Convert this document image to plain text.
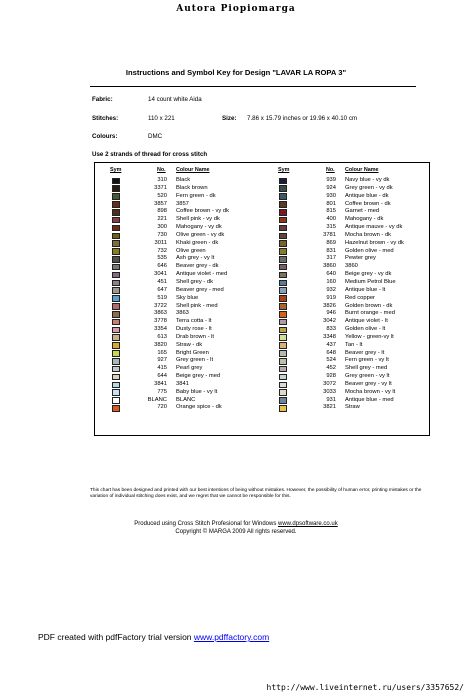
Autora Piopiomarga
Instructions and Symbol Key for Design "LAVAR LA ROPA 3"
Fabric:	14 count white Aida
Stitches:	110 x 221	Size: 7.86 x 15.79 inches or 19.96 x 40.10 cm
Colours:	DMC
Use 2 strands of thread for cross stitch
Sym	No. Colour Name
310 Black
3371 Black brown
520 Fern green - dk
3857 3857
898 Coffee brown - vy dk
221 Shell pink - vy dk
300 Mahogany - vy dk
730 Olive green - vy dk
3011 Khaki green - dk
732 Olive green
535 Ash grey - vy lt
646 Beaver grey - dk
3041 Antique violet - med
451 Shell grey - dk
647 Beaver grey - med
519 Sky blue
3722 Shell pink - med
3863 3863
3778 Terra cotta - lt
3354 Dusty rose - lt
613 Drab brown - lt
3820 Straw - dk
165 Bright Green
927 Grey green - lt
415 Pearl grey
644 Beige grey - med
3841 3841
775 Baby blue - vy lt
BLANC BLANC
720 Orange spice - dk
Sym	No. Colour Name
939 Navy blue - vy dk
924 Grey green - vy dk
930 Antique blue - dk
801 Coffee brown - dk
815 Garnet - med
400 Mahogany - dk
315 Antique mauve - vy dk
3781 Mocha brown - dk
869 Hazelnut brown - vy dk
831 Golden olive - med
317 Pewter grey
3860 3860
640 Beige grey - vy dk
160 Medium Petrol Blue
932 Antique blue - lt
919 Red copper
3826 Golden brown - dk
946 Burnt orange - med
3042 Antique violet - lt
833 Golden olive - lt
3348 Yellow - green-vy lt
437 Tan - lt
648 Beaver grey - lt
524 Fern green - vy lt
452 Shell grey - med
928 Grey green - vy lt
3072 Beaver grey - vy lt
3033 Mocha brown - vy lt
931 Antique blue - med
3821 Straw
This chart has been designed and printed with our best intentions of being without mistakes. However, the possibility of human error, printing mistakes or the variation of individual stitching does exist, and we regret that we cannot be responsible for this.
Produced using Cross Stitch Profesional for Windows www.dpsoftware.co.uk
Copyright © MARGA 2009 All rights reserved.
PDF created with pdfFactory trial version www.pdffactory.com
http://www.liveinternet.ru/users/3357652/
